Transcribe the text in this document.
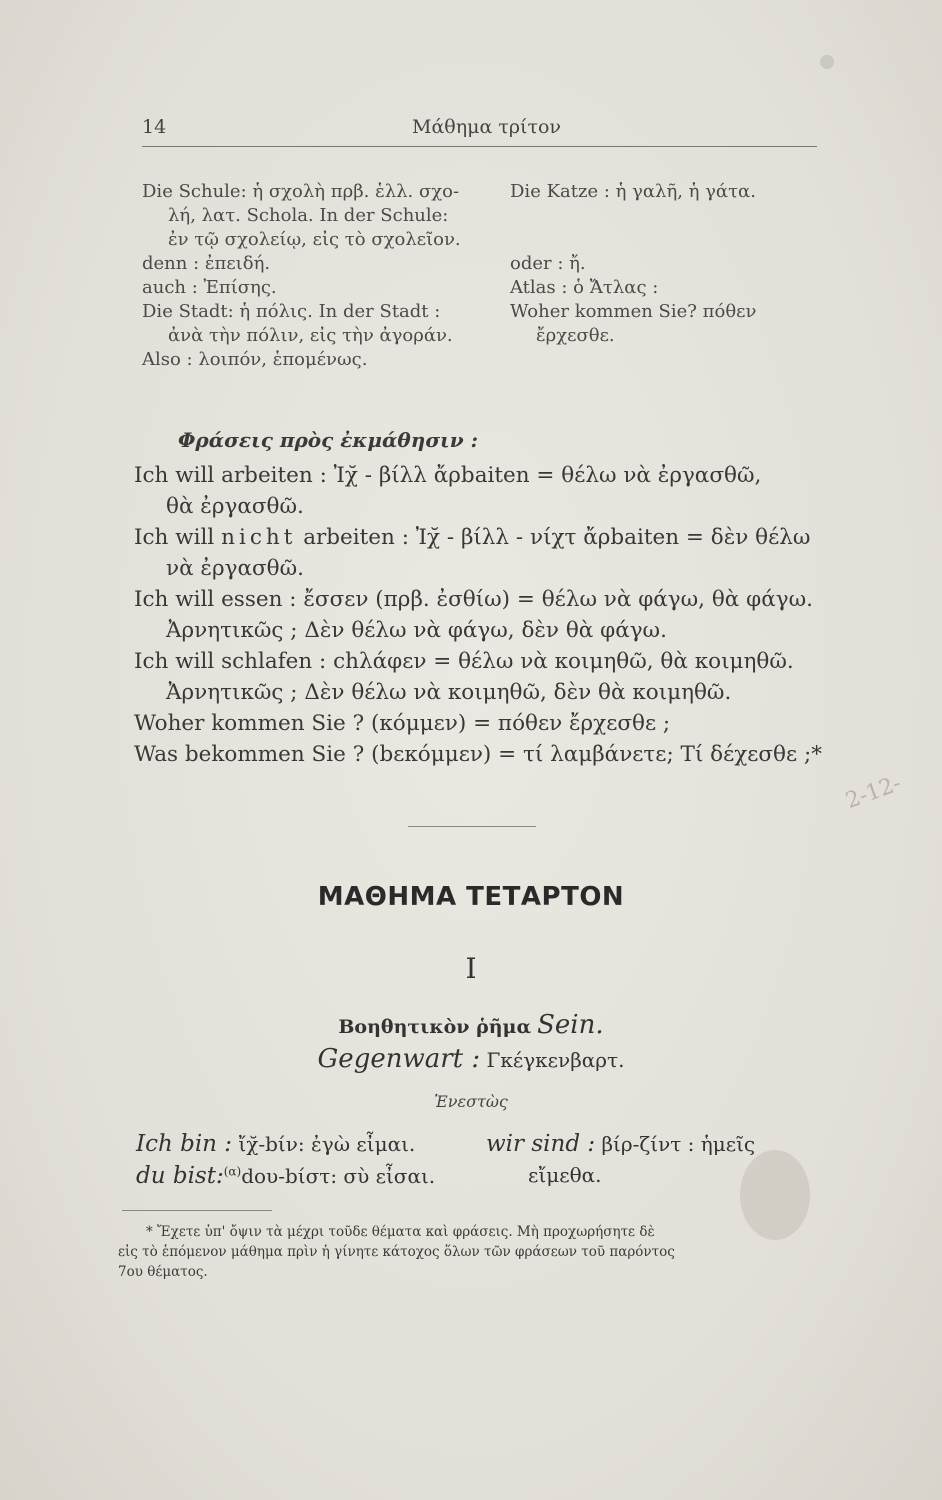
2-12-
14	Μάθημα τρίτον
Die Schule: ἡ σχολὴ πρβ. ἑλλ. σχο-
λή, λατ. Schola. In der Schule:
ἐν τῷ σχολείῳ, εἰς τὸ σχολεῖον.
denn : ἐπειδή.
auch : Ἐπίσης.
Die Stadt: ἡ πόλις. In der Stadt :
ἀνὰ τὴν πόλιν, εἰς τὴν ἀγοράν.
Also : λοιπόν, ἑπομένως.
Die Katze : ἡ γαλῆ, ἡ γάτα.
oder : ἤ.
Atlas : ὁ Ἄτλας :
Woher kommen Sie? πόθεν
ἔρχεσθε.
Φράσεις πρὸς ἐκμάθησιν :
Ich will arbeiten : Ἰχ̆ - βίλλ ἄρbaiten = θέλω νὰ ἐργασθῶ,
θὰ ἐργασθῶ.
Ich will nicht arbeiten : Ἰχ̆ - βίλλ - νίχτ ἄρbaiten = δὲν θέλω
νὰ ἐργασθῶ.
Ich will essen : ἔσσεν (πρβ. ἐσθίω) = θέλω νὰ φάγω, θὰ φάγω.
Ἀρνητικῶς ; Δὲν θέλω νὰ φάγω, δὲν θὰ φάγω.
Ich will schlafen : chλάφεν = θέλω νὰ κοιμηθῶ, θὰ κοιμηθῶ.
Ἀρνητικῶς ; Δὲν θέλω νὰ κοιμηθῶ, δὲν θὰ κοιμηθῶ.
Woher kommen Sie ? (κόμμεν) = πόθεν ἔρχεσθε ;
Was bekommen Sie ? (bεκόμμεν) = τί λαμβάνετε; Τί δέχεσθε ;*
ΜΑΘΗΜΑ ΤΕΤΑΡΤΟΝ
I
Βοηθητικὸν ῥῆμα Sein.
Gegenwart : Γκέγκενβαρτ.
Ἐνεστὼς
Ich bin : ἴχ̆-bίν: ἐγὼ εἶμαι.
du bist:$^{(\alpha)}$dου-bίστ: σὺ εἶσαι.
wir sind : βίρ-ζίντ : ἡμεῖς
εἴμεθα.
* Ἔχετε ὑπ' ὄψιν τὰ μέχρι τοῦδε θέματα καὶ φράσεις. Μὴ προχωρήσητε δὲ
εἰς τὸ ἑπόμενον μάθημα πρὶν ἡ γίνητε κάτοχος ὅλων τῶν φράσεων τοῦ παρόντος
7ου θέματος.
